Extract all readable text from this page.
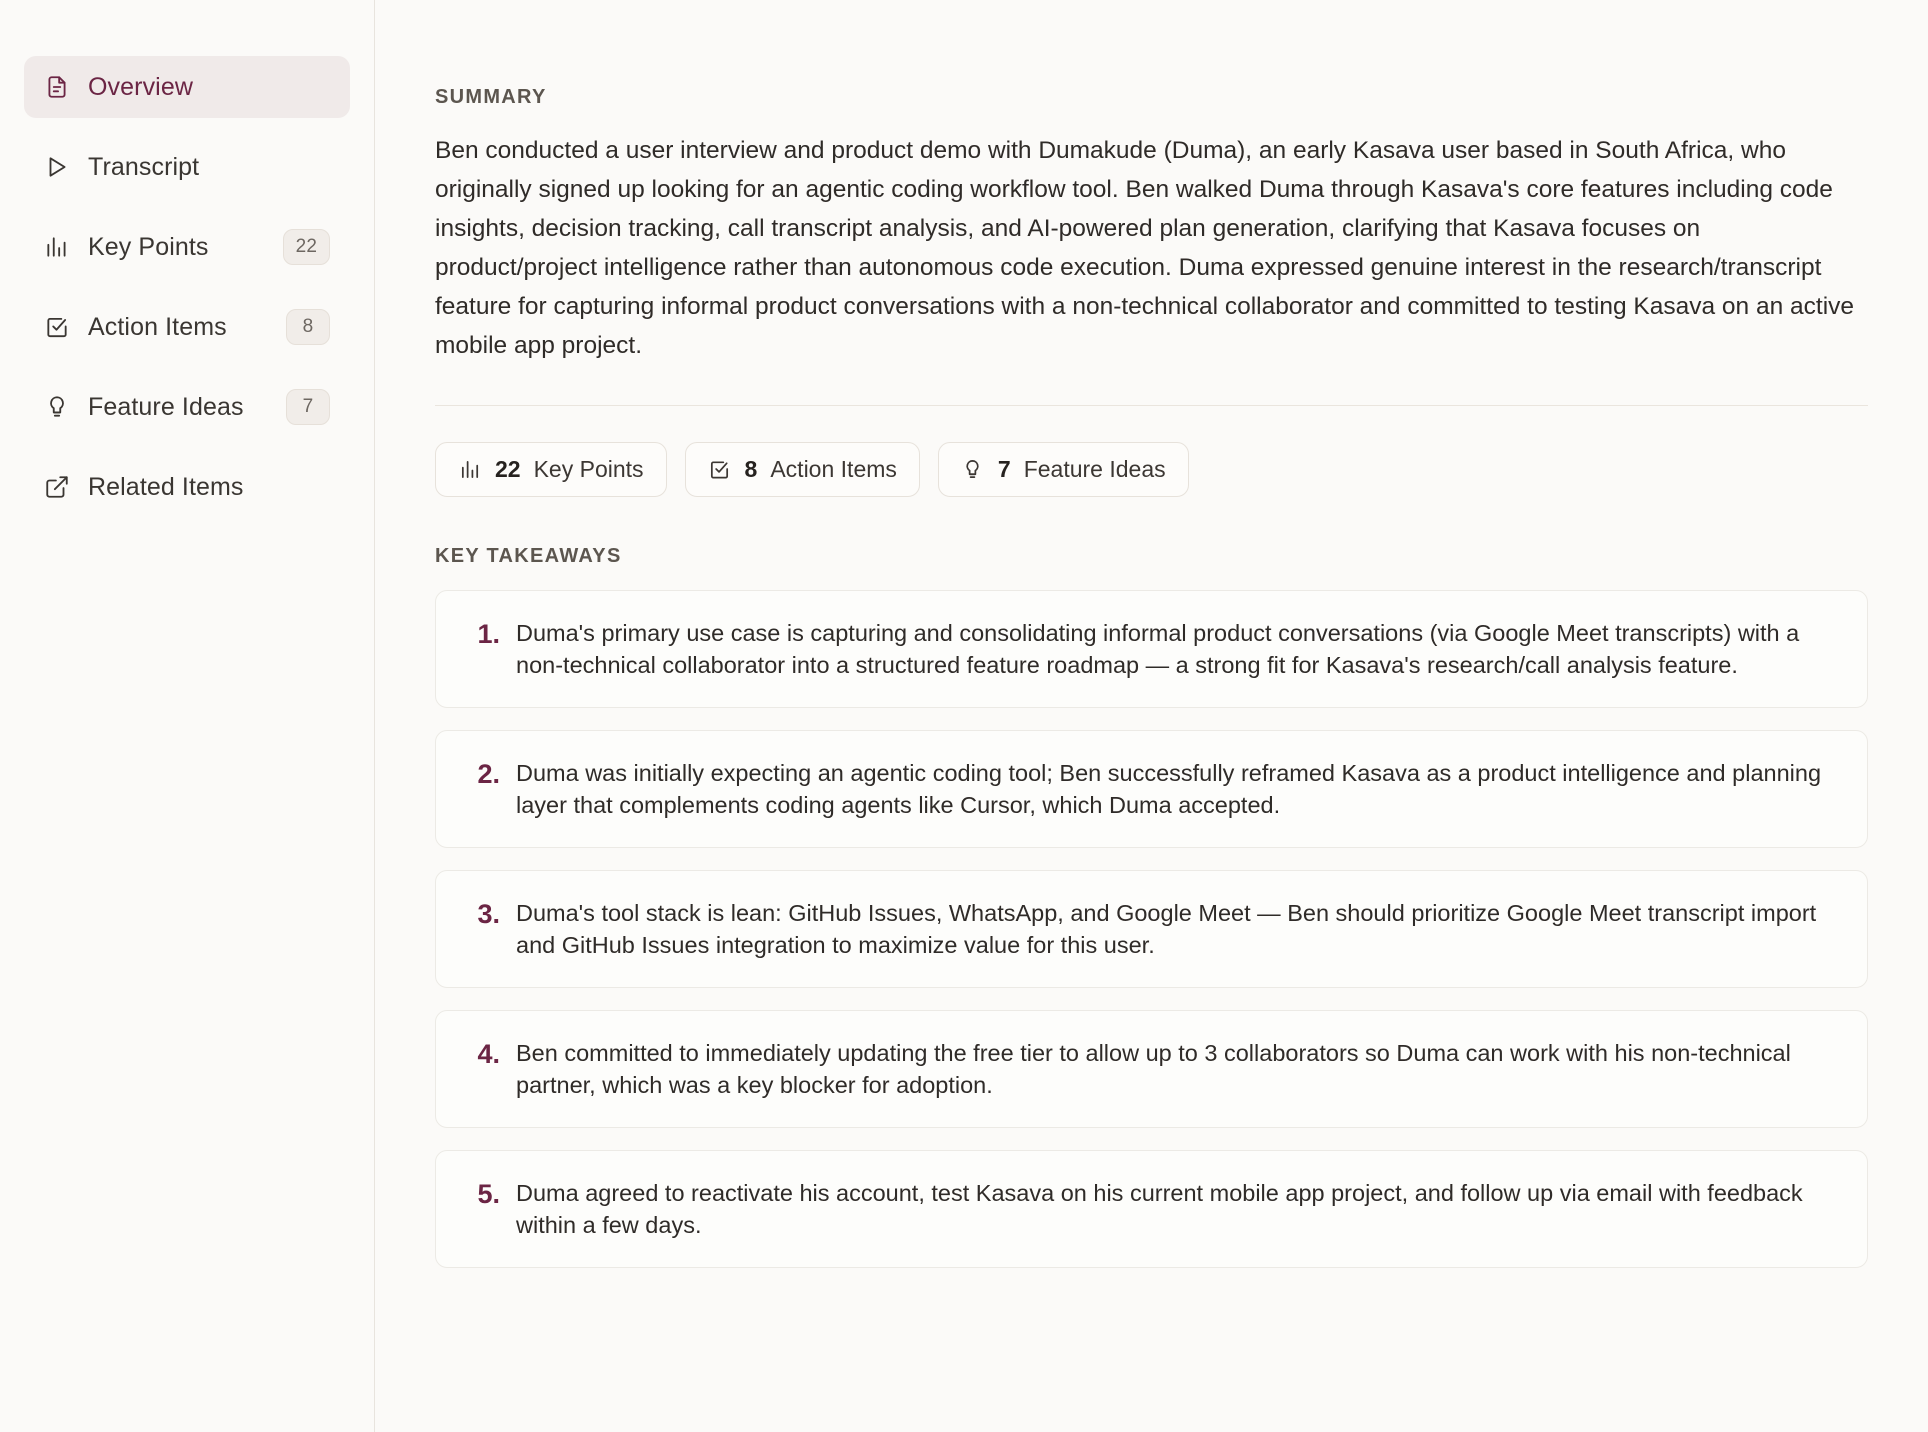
Overview
Transcript
Key Points	22
Action Items	8
Feature Ideas	7
Related Items
SUMMARY

Ben conducted a user interview and product demo with Dumakude (Duma), an early Kasava user based in South Africa, who originally signed up looking for an agentic coding workflow tool. Ben walked Duma through Kasava's core features including code insights, decision tracking, call transcript analysis, and AI-powered plan generation, clarifying that Kasava focuses on product/project intelligence rather than autonomous code execution. Duma expressed genuine interest in the research/transcript feature for capturing informal product conversations with a non-technical collaborator and committed to testing Kasava on an active mobile app project.

22 Key Points	8 Action Items	7 Feature Ideas
KEY TAKEAWAYS
1. Duma's primary use case is capturing and consolidating informal product conversations (via Google Meet transcripts) with a non-technical collaborator into a structured feature roadmap — a strong fit for Kasava's research/call analysis feature.
2. Duma was initially expecting an agentic coding tool; Ben successfully reframed Kasava as a product intelligence and planning layer that complements coding agents like Cursor, which Duma accepted.
3. Duma's tool stack is lean: GitHub Issues, WhatsApp, and Google Meet — Ben should prioritize Google Meet transcript import and GitHub Issues integration to maximize value for this user.
4. Ben committed to immediately updating the free tier to allow up to 3 collaborators so Duma can work with his non-technical partner, which was a key blocker for adoption.
5. Duma agreed to reactivate his account, test Kasava on his current mobile app project, and follow up via email with feedback within a few days.
